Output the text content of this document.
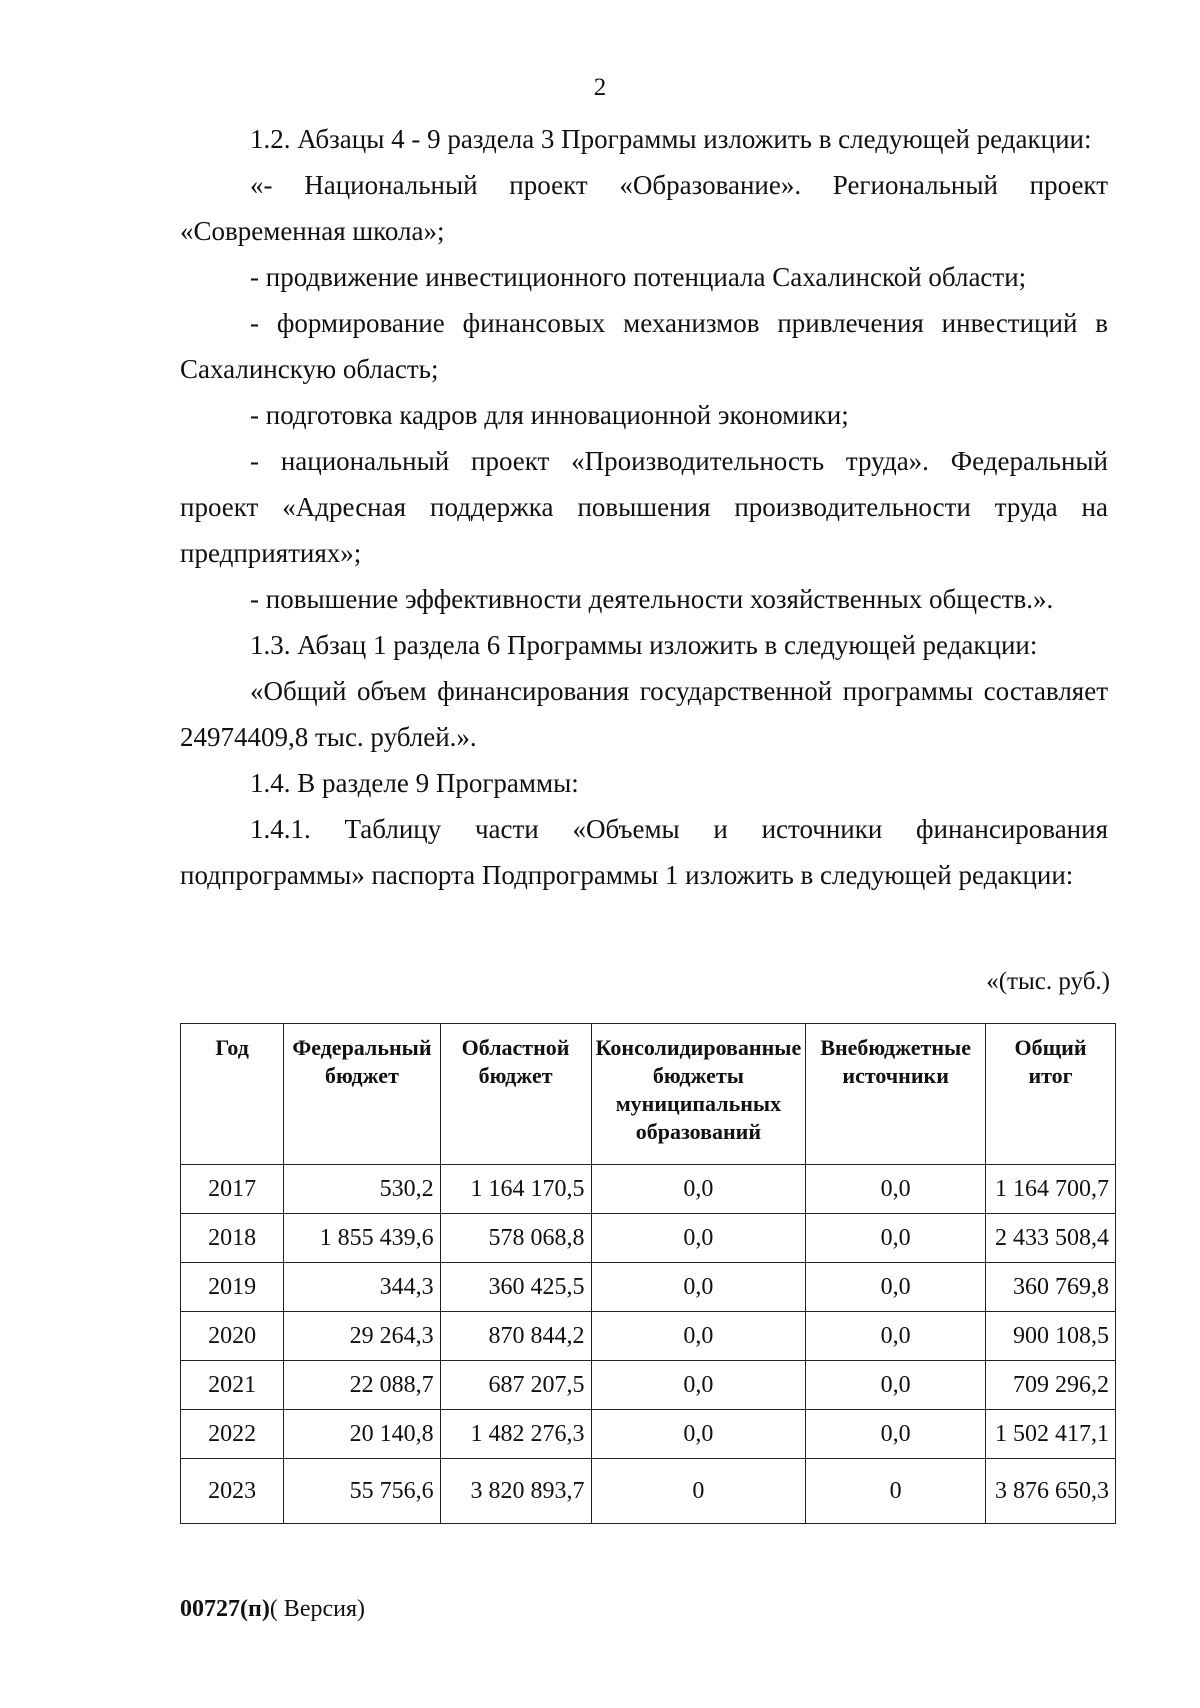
2

1.2. Абзацы 4 - 9 раздела 3 Программы изложить в следующей редакции:

«- Национальный проект «Образование». Региональный проект

«Современная школа»;

- продвижение инвестиционного потенциала Сахалинской области;

- формирование финансовых механизмов привлечения инвестиций в

Сахалинскую область;

- подготовка кадров для инновационной экономики;

- национальный проект «Производительность труда». Федеральный

проект «Адресная поддержка повышения производительности труда на

предприятиях»;

- повышение эффективности деятельности хозяйственных обществ.».

1.3. Абзац 1 раздела 6 Программы изложить в следующей редакции:

«Общий объем финансирования государственной программы составляет

24974409,8 тыс. рублей.».

1.4. В разделе 9 Программы:

1.4.1. Таблицу части «Объемы и источники финансирования

подпрограммы» паспорта Подпрограммы 1 изложить в следующей редакции:

«(тыс. руб.)
Год	Федеральный бюджет	Областной бюджет	Консолидированные бюджеты муниципальных образований	Внебюджетные источники	Общий итог
2017	530,2	1 164 170,5	0,0	0,0	1 164 700,7
2018	1 855 439,6	578 068,8	0,0	0,0	2 433 508,4
2019	344,3	360 425,5	0,0	0,0	360 769,8
2020	29 264,3	870 844,2	0,0	0,0	900 108,5
2021	22 088,7	687 207,5	0,0	0,0	709 296,2
2022	20 140,8	1 482 276,3	0,0	0,0	1 502 417,1
2023	55 756,6	3 820 893,7	0	0	3 876 650,3
00727(п)( Версия)
